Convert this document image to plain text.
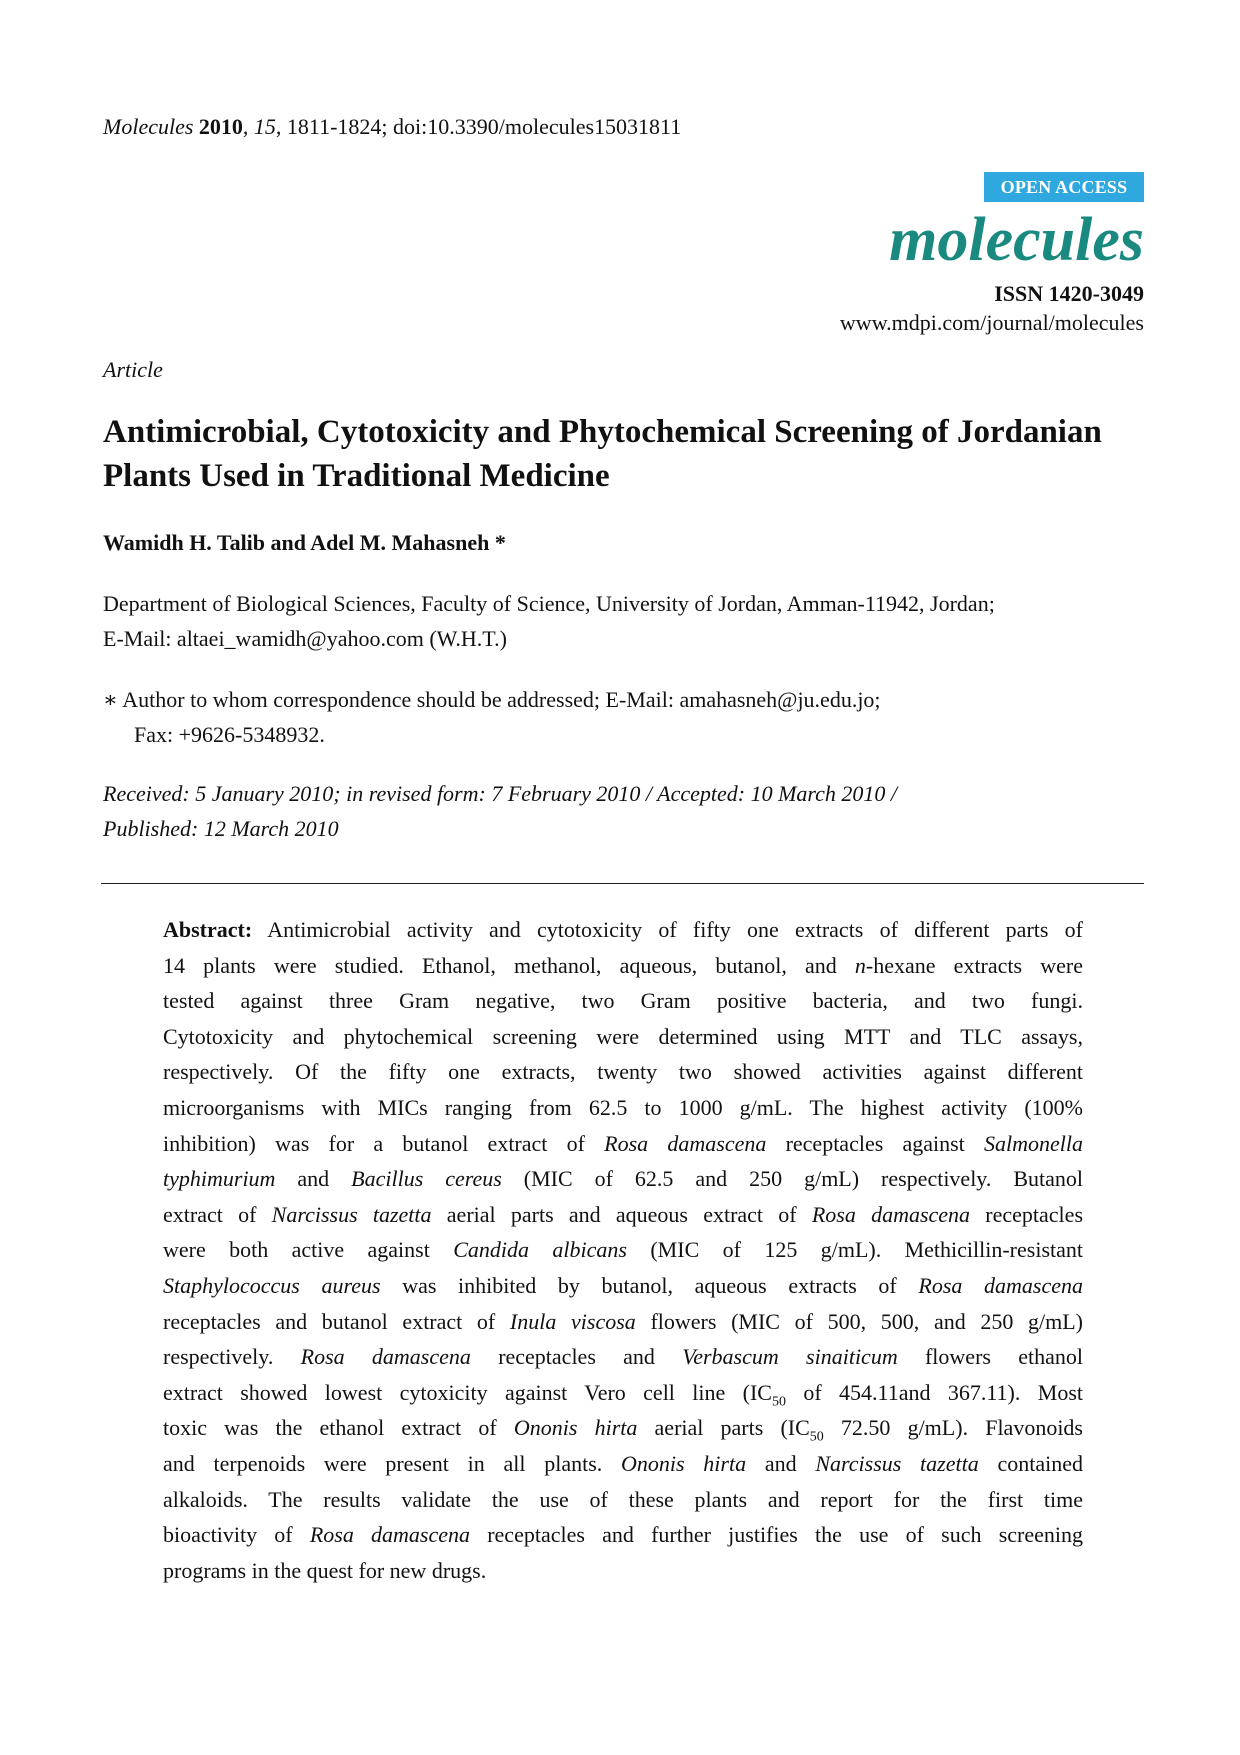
Molecules 2010, 15, 1811-1824; doi:10.3390/molecules15031811
OPEN ACCESS
molecules
ISSN 1420-3049
www.mdpi.com/journal/molecules
Article
Antimicrobial, Cytotoxicity and Phytochemical Screening of Jordanian Plants Used in Traditional Medicine
Wamidh H. Talib and Adel M. Mahasneh *
Department of Biological Sciences, Faculty of Science, University of Jordan, Amman-11942, Jordan;
E-Mail: altaei_wamidh@yahoo.com (W.H.T.)
∗ Author to whom correspondence should be addressed; E-Mail: amahasneh@ju.edu.jo;
Fax: +9626-5348932.
Received: 5 January 2010; in revised form: 7 February 2010 / Accepted: 10 March 2010 /
Published: 12 March 2010
Abstract: Antimicrobial activity and cytotoxicity of fifty one extracts of different parts of
14 plants were studied. Ethanol, methanol, aqueous, butanol, and n-hexane extracts were
tested against three Gram negative, two Gram positive bacteria, and two fungi.
Cytotoxicity and phytochemical screening were determined using MTT and TLC assays,
respectively. Of the fifty one extracts, twenty two showed activities against different
microorganisms with MICs ranging from 62.5 to 1000 g/mL. The highest activity (100%
inhibition) was for a butanol extract of Rosa damascena receptacles against Salmonella
typhimurium and Bacillus cereus (MIC of 62.5 and 250 g/mL) respectively. Butanol
extract of Narcissus tazetta aerial parts and aqueous extract of Rosa damascena receptacles
were both active against Candida albicans (MIC of 125 g/mL). Methicillin-resistant
Staphylococcus aureus was inhibited by butanol, aqueous extracts of Rosa damascena
receptacles and butanol extract of Inula viscosa flowers (MIC of 500, 500, and 250 g/mL)
respectively. Rosa damascena receptacles and Verbascum sinaiticum flowers ethanol
extract showed lowest cytoxicity against Vero cell line ($IC_{50}$ of 454.11and 367.11). Most
toxic was the ethanol extract of Ononis hirta aerial parts ($IC_{50}$ 72.50 g/mL). Flavonoids
and terpenoids were present in all plants. Ononis hirta and Narcissus tazetta contained
alkaloids. The results validate the use of these plants and report for the first time
bioactivity of Rosa damascena receptacles and further justifies the use of such screening
programs in the quest for new drugs.
